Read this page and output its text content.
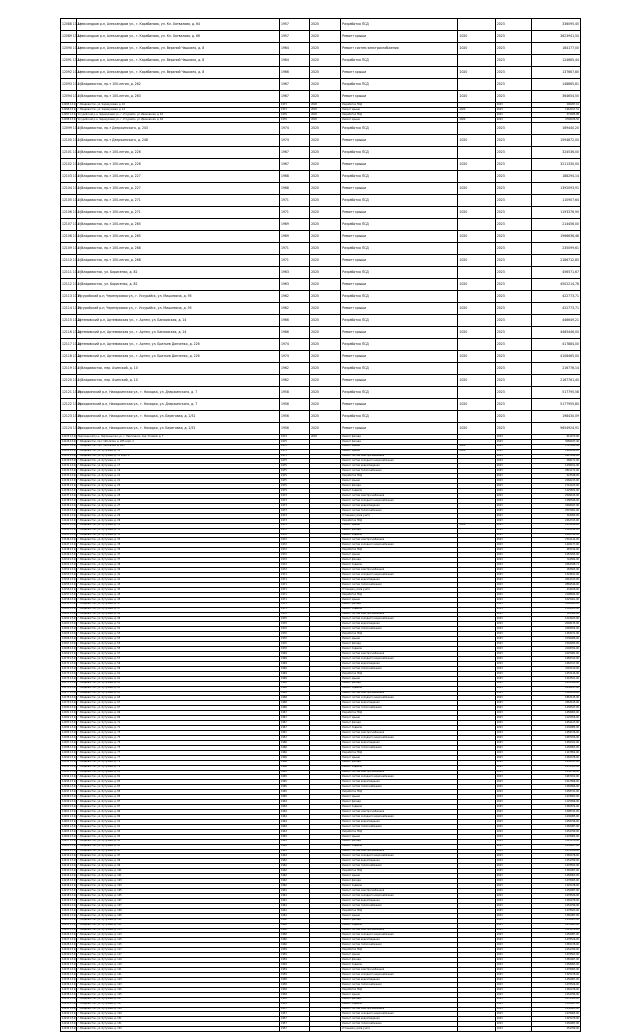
12088 13.1)	Александров р-н, Александров ул., г. Карабаново, ул. Кл. Хатвалова, д. 64	1957	2020	Разработка ПСД		2023	336095,45
12089 13.1)	Александров р-н, Александров ул., г. Карабаново, ул. Кл. Хатвалова, д. 66	1957	2020	Ремонт крыши	2020	2023	3623941,50
12090 13.1)	Александров р-н, Александров ул., г. Карабаново, ул. Верхний Чашкино, д. 8	1964	2020	Ремонт систем электроснабжения	2020	2023	184177,00
12091 13.1)	Александров р-н, Александров ул., г. Карабаново, ул. Верхний Чашкино, д. 8	1964	2020	Разработка ПСД		2023	124685,44
12092 13.1)	Александров р-н, Александров ул., г. Карабаново, ул. Верхний Чашкино, д. 8	1966	2020	Ремонт крыши	2020	2023	137667,80
12093 13.2)	г. Владивосток, пр-т 100-летия, д. 262	1967	2020	Разработка ПСД		2023	148865,81
12094 13.2)	г. Владивосток, пр-т 100-летия, д. 263	1967	2020	Ремонт крыши	2020	2023	364654,50
12095 13.2)	г. Владивосток, ул. Черемуховая, д. 10	1973	2020	Разработка ПСД		2023	296287,10
12096 13.2)	г. Владивосток, ул. Черемуховая, д. 12	1973	2020	Ремонт крыши	2020	2023	1963917,51
12097 13.2)	Уссурийский р-н, Черемуховая ул., г. Уссурийск, ул. Ивановская, д. 64	1976	2020	Разработка ПСД		2023	374485,88
12098 13.2)	Уссурийский р-н, Черемуховая ул., г. Уссурийск, ул. Ивановская, д. 64	1976	2020	Ремонт крыши	2020	2023	4748036,50
12099 13.2)	г. Владивосток, пр-т Дзержинского, д. 243	1974	2020	Разработка ПСД		2023	169440,20
12100 13.2)	г. Владивосток, пр-т Дзержинского, д. 248	1974	2020	Ремонт крыши	2020	2023	1594872,00
12101 13.2)	г. Владивосток, пр-т 100-летия, д. 226	1967	2020	Разработка ПСД		2023	324536,00
12102 13.2)	г. Владивосток, пр-т 100-летия, д. 226	1967	2020	Ремонт крыши	2020	2023	3211330,00
12103 13.2)	г. Владивосток, пр-т 100-летия, д. 227	1968	2020	Разработка ПСД		2023	188294,14
12104 13.2)	г. Владивосток, пр-т 100-летия, д. 227	1968	2020	Ремонт крыши	2020	2023	1392093,91
12105 13.2)	г. Владивосток, пр-т 100-летия, д. 271	1971	2020	Разработка ПСД		2023	110907,64
12106 13.2)	г. Владивосток, пр-т 100-летия, д. 271	1971	2020	Ремонт крыши	2020	2023	1193376,90
12107 13.2)	г. Владивосток, пр-т 100-летия, д. 265	1969	2020	Разработка ПСД		2023	214456,00
12108 13.2)	г. Владивосток, пр-т 100-летия, д. 265	1969	2020	Ремонт крыши	2020	2023	1966636,46
12109 13.2)	г. Владивосток, пр-т 100-летия, д. 268	1971	2020	Разработка ПСД		2023	235099,61
12110 13.2)	г. Владивосток, пр-т 100-летия, д. 268	1971	2020	Ремонт крыши	2020	2023	2186712,85
12111 13.2)	г. Владивосток, ул. Борисенко, д. 82	1963	2020	Разработка ПСД		2023	456571,67
12112 13.2)	г. Владивосток, ул. Борисенко, д. 82	1963	2020	Ремонт крыши	2020	2023	4502214,78
12113 13.2)	Уссурийский р-н, Черемуховая ул., г. Уссурийск, ул. Мицкевича, д. 95	1962	2020	Разработка ПСД		2023	422773,71
12114 13.2)	Уссурийский р-н, Черемуховая ул., г. Уссурийск, ул. Мицкевича, д. 95	1962	2020	Ремонт крыши	2020	2023	422773,71
12115 13.2)	Артемовский р-н, Артемовская ул., г. Артем, ул. Банковская, д. 14	1966	2020	Разработка ПСД		2023	446649,21
12116 13.2)	Артемовский р-н, Артемовская ул., г. Артем, ул. Банковская, д. 14	1966	2020	Ремонт крыши	2020	2023	4465446,00
12117 13.2)	Артемовский р-н, Артемовская ул., г. Артем, ул. Братьев Данченко, д. 226	1974	2020	Разработка ПСД		2023	417884,00
12118 13.2)	Артемовский р-н, Артемовская ул., г. Артем, ул. Братьев Данченко, д. 226	1974	2020	Ремонт крыши	2020	2023	4108465,00
12119 13.2)	г. Владивосток, пер. Ачинский, д. 10	1962	2020	Разработка ПСД		2023	216776,14
12120 13.2)	г. Владивосток, пер. Ачинский, д. 10	1962	2020	Ремонт крыши	2020	2023	2167761,40
12121 13.2)	Находкинский р-н, Находкинская ул., г. Находка, ул. Дзержинского, д. 7	1958	2020	Разработка ПСД		2023	517795,58
12122 13.2)	Находкинский р-н, Находкинская ул., г. Находка, ул. Дзержинского, д. 7	1958	2020	Ремонт крыши	2020	2023	5177955,80
12123 13.2)	Находкинский р-н, Находкинская ул., г. Находка, ул. Береговая, д. 2/31	1956	2020	Разработка ПСД		2023	198430,09
12124 13.2)	Находкинский р-н, Находкинская ул., г. Находка, ул. Береговая, д. 2/31	1956	2020	Ремонт крыши	2020	2023	9654924,91
12125 13.2)	Партизанский р-н, Партизанская ул., г. Партизанск, пер. Угловой, д. 7	1974	2020	Ремонт фасада		2023	912473,00
12126 13.2)	г. Владивосток, пр-т 100-летия, д. 265 корп. 2	1975		Ремонт фасада		2023	3086187,40
12127 13.2)	г. Владивосток, пр-т 100-летия, д. 265	1975		Ремонт крыши	2020	2023	2747941,00
12128 13.2)	г. Владивосток, ул. Кутузова, д. 15	1975		Ремонт крыши	2020	2023	1998244,20
12129 13.2)	г. Владивосток, ул. Кутузова, д. 15 корп. 2	1975		Ремонт систем электроснабжения		2023	6947442,00
12130 13.2)	г. Владивосток, ул. Кутузова, д. 17	1975		Ремонт систем холодного водоснабжения		2023	268171,00
12131 13.2)	г. Владивосток, ул. Кутузова, д. 17	1975		Ремонт систем водоотведения		2023	1238911,00
12132 13.2)	г. Владивосток, ул. Кутузова, д. 19	1975		Ремонт систем теплоснабжения		2023	2841171,00
12133 13.2)	г. Владивосток, ул. Кутузова, д. 21	1975		Разработка ПСД		2023	423548,00
12134 13.2)	г. Владивосток, ул. Кутузова, д. 21	1975		Ремонт крыши		2023	2266213,00
12135 13.2)	г. Владивосток, ул. Кутузова, д. 23	1975		Ремонт фасада		2023	1741103,00
12136 13.2)	г. Владивосток, ул. Кутузова, д. 23	1975		Ремонт подвала		2023	1229831,00
12137 13.2)	г. Владивосток, ул. Кутузова, д. 25	1973		Ремонт систем электроснабжения		2023	2599415,00
12138 13.2)	г. Владивосток, ул. Кутузова, д. 25	1973		Ремонт систем холодного водоснабжения		2023	1286596,00
12139 13.2)	г. Владивосток, ул. Кутузова, д. 27	1973		Ремонт систем водоотведения		2023	3448047,00
12140 13.2)	г. Владивосток, ул. Кутузова, д. 27	1973		Ремонт систем теплоснабжения		2023	2597961,00
12141 13.2)	г. Владивосток, ул. Кутузова, д. 29	1973		Установка узлов учета		2023	318993,00
12142 13.2)	г. Владивосток, ул. Кутузова, д. 29	1973		Разработка ПСД		2023	2462315,00
12143 13.2)	г. Владивосток, ул. Кутузова, д. 31	1973		Ремонт крыши	2020	2023	1476189,00
12144 13.2)	г. Владивосток, ул. Кутузова, д. 31	1973		Ремонт фасада		2023	2318412,00
12145 13.2)	г. Владивосток, ул. Кутузова, д. 33	1972		Ремонт подвала		2023	2000764,00
12146 13.2)	г. Владивосток, ул. Кутузова, д. 33	1972		Ремонт систем электроснабжения		2023	2301142,00
12147 13.2)	г. Владивосток, ул. Кутузова, д. 35	1972		Ремонт систем холодного водоснабжения		2023	1426177,00
12148 13.2)	г. Владивосток, ул. Кутузова, д. 35	1972		Разработка ПСД		2023	483742,00
12149 13.2)	г. Владивосток, ул. Кутузова, д. 37	1972		Ремонт крыши		2023	1287265,00
12150 13.2)	г. Владивосток, ул. Кутузова, д. 37	1972		Ремонт фасада		2023	744584,00
12151 13.2)	г. Владивосток, ул. Кутузова, д. 39	1972		Ремонт подвала		2023	2264398,71
12152 13.2)	г. Владивосток, ул. Кутузова, д. 39	1972		Ремонт систем электроснабжения		2023	183565,00
12153 13.2)	г. Владивосток, ул. Кутузова, д. 41	1971		Ремонт систем холодного водоснабжения		2023	1324811,00
12154 13.2)	г. Владивосток, ул. Кутузова, д. 41	1971		Ремонт систем водоотведения		2023	2016313,00
12155 13.2)	г. Владивосток, ул. Кутузова, д. 43	1971		Ремонт систем теплоснабжения		2023	2869546,00
12156 13.2)	г. Владивосток, ул. Кутузова, д. 43	1971		Установка узлов учета		2023	434166,00
12157 13.2)	г. Владивосток, ул. Кутузова, д. 45	1971		Разработка ПСД		2023	2198844,00
12158 13.2)	г. Владивосток, ул. Кутузова, д. 45	1971		Ремонт крыши		2023	1025461,00
12159 13.2)	г. Владивосток, ул. Кутузова, д. 47	1971		Ремонт фасада		2023	1048462,00
12160 13.2)	г. Владивосток, ул. Кутузова, д. 47	1971		Ремонт подвала		2023	1594853,00
12161 13.2)	г. Владивосток, ул. Кутузова, д. 49	1970		Ремонт систем электроснабжения		2023	183562,00
12162 13.2)	г. Владивосток, ул. Кутузова, д. 49	1970		Ремонт систем холодного водоснабжения		2023	1224163,00
12163 13.2)	г. Владивосток, ул. Кутузова, д. 51	1970		Ремонт систем водоотведения		2023	2048135,00
12164 13.2)	г. Владивосток, ул. Кутузова, д. 51	1970		Ремонт систем теплоснабжения		2023	2269554,00
12165 13.2)	г. Владивосток, ул. Кутузова, д. 53	1970		Разработка ПСД		2023	1263471,00
12166 13.2)	г. Владивосток, ул. Кутузова, д. 53	1970		Ремонт крыши		2023	1036486,00
12167 13.2)	г. Владивосток, ул. Кутузова, д. 55	1970		Ремонт фасада		2023	1594283,00
12168 13.2)	г. Владивосток, ул. Кутузова, д. 55	1970		Ремонт подвала		2023	2148764,00
12169 13.2)	г. Владивосток, ул. Кутузова, д. 57	1969		Ремонт систем электроснабжения		2023	1025981,00
12170 13.2)	г. Владивосток, ул. Кутузова, д. 57	1969		Ремонт систем холодного водоснабжения		2023	1984312,00
12171 13.2)	г. Владивосток, ул. Кутузова, д. 59	1969		Ремонт систем водоотведения		2023	1462317,00
12172 13.2)	г. Владивосток, ул. Кутузова, д. 59	1969		Ремонт систем теплоснабжения		2023	3145210,00
12173 13.2)	г. Владивосток, ул. Кутузова, д. 61	1969		Разработка ПСД		2023	1452146,00
12174 13.2)	г. Владивосток, ул. Кутузова, д. 61	1969		Ремонт крыши		2023	1243521,00
12175 13.2)	г. Владивосток, ул. Кутузова, д. 63	1968		Ремонт фасада		2023	1452366,00
12176 13.2)	г. Владивосток, ул. Кутузова, д. 63	1968		Ремонт подвала		2023	1658247,00
12177 13.2)	г. Владивосток, ул. Кутузова, д. 65	1968		Ремонт систем электроснабжения		2023	1326458,00
12178 13.2)	г. Владивосток, ул. Кутузова, д. 65	1968		Ремонт систем холодного водоснабжения		2023	1863145,00
12179 13.2)	г. Владивосток, ул. Кутузова, д. 67	1968		Ремонт систем водоотведения		2023	2463145,00
12180 13.2)	г. Владивосток, ул. Кутузова, д. 67	1968		Ремонт систем теплоснабжения		2023	1236547,00
12181 13.2)	г. Владивосток, ул. Кутузова, д. 69	1967		Разработка ПСД		2023	1458963,00
12182 13.2)	г. Владивосток, ул. Кутузова, д. 69	1967		Ремонт крыши		2023	1125456,00
12183 13.2)	г. Владивосток, ул. Кутузова, д. 71	1967		Ремонт фасада		2023	1654123,00
12184 13.2)	г. Владивосток, ул. Кутузова, д. 71	1967		Ремонт подвала		2023	1236985,00
12185 13.2)	г. Владивосток, ул. Кутузова, д. 73	1967		Ремонт систем электроснабжения		2023	1458726,00
12186 13.2)	г. Владивосток, ул. Кутузова, д. 73	1967		Ремонт систем холодного водоснабжения		2023	1987456,00
12187 13.2)	г. Владивосток, ул. Кутузова, д. 75	1966		Ремонт систем водоотведения		2023	1456321,00
12188 13.2)	г. Владивосток, ул. Кутузова, д. 75	1966		Ремонт систем теплоснабжения		2023	1258963,00
12189 13.2)	г. Владивосток, ул. Кутузова, д. 77	1966		Разработка ПСД		2023	1147852,00
12190 13.2)	г. Владивосток, ул. Кутузова, д. 77	1966		Ремонт крыши		2023	1365478,00
12191 13.2)	г. Владивосток, ул. Кутузова, д. 79	1966		Ремонт фасада		2023	1236547,00
12192 13.2)	г. Владивосток, ул. Кутузова, д. 79	1966		Ремонт подвала		2023	1478523,00
12193 13.2)	г. Владивосток, ул. Кутузова, д. 81	1965		Ремонт систем электроснабжения		2023	1258746,00
12194 13.2)	г. Владивосток, ул. Кутузова, д. 81	1965		Ремонт систем холодного водоснабжения		2023	1987452,00
12195 13.2)	г. Владивосток, ул. Кутузова, д. 83	1965		Ремонт систем водоотведения		2023	1547896,00
12196 13.2)	г. Владивосток, ул. Кутузова, д. 83	1965		Ремонт систем теплоснабжения		2023	1365896,00
12197 13.2)	г. Владивосток, ул. Кутузова, д. 85	1965		Разработка ПСД		2023	1258741,00
12198 13.2)	г. Владивосток, ул. Кутузова, д. 85	1965		Ремонт крыши		2023	1478963,00
12199 13.2)	г. Владивосток, ул. Кутузова, д. 87	1964		Ремонт фасада		2023	1125896,00
12200 13.2)	г. Владивосток, ул. Кутузова, д. 87	1964		Ремонт подвала		2023	1365874,00
12201 13.2)	г. Владивосток, ул. Кутузова, д. 89	1964		Ремонт систем электроснабжения		2023	1598741,00
12202 13.2)	г. Владивосток, ул. Кутузова, д. 89	1964		Ремонт систем холодного водоснабжения		2023	1236985,00
12203 13.2)	г. Владивосток, ул. Кутузова, д. 91	1964		Ремонт систем водоотведения		2023	1458796,00
12204 13.2)	г. Владивосток, ул. Кутузова, д. 91	1964		Ремонт систем теплоснабжения		2023	1365987,00
12205 13.2)	г. Владивосток, ул. Кутузова, д. 93	1963		Разработка ПСД		2023	1254789,00
12206 13.2)	г. Владивосток, ул. Кутузова, д. 93	1963		Ремонт крыши		2023	1478965,00
12207 13.2)	г. Владивосток, ул. Кутузова, д. 95	1963		Ремонт фасада		2023	1325478,00
12208 13.2)	г. Владивосток, ул. Кутузова, д. 95	1963		Ремонт подвала		2023	1256987,00
12209 13.2)	г. Владивосток, ул. Кутузова, д. 97	1963		Ремонт систем электроснабжения		2023	1478526,00
12210 13.2)	г. Владивосток, ул. Кутузова, д. 97	1963		Ремонт систем холодного водоснабжения		2023	1365478,00
12211 13.2)	г. Владивосток, ул. Кутузова, д. 99	1962		Ремонт систем водоотведения		2023	1254789,00
12212 13.2)	г. Владивосток, ул. Кутузова, д. 99	1962		Ремонт систем теплоснабжения		2023	1478563,00
12213 13.2)	г. Владивосток, ул. Кутузова, д. 101	1962		Разработка ПСД		2023	1365987,00
12214 13.2)	г. Владивосток, ул. Кутузова, д. 101	1962		Ремонт крыши		2023	1258963,00
12215 13.2)	г. Владивосток, ул. Кутузова, д. 103	1962		Ремонт фасада		2023	1478965,00
12216 13.2)	г. Владивосток, ул. Кутузова, д. 103	1962		Ремонт подвала		2023	1325478,00
12217 13.2)	г. Владивосток, ул. Кутузова, д. 105	1961		Ремонт систем электроснабжения		2023	1256987,00
12218 13.2)	г. Владивосток, ул. Кутузова, д. 105	1961		Ремонт систем холодного водоснабжения		2023	1478526,00
12219 13.2)	г. Владивосток, ул. Кутузова, д. 107	1961		Ремонт систем водоотведения		2023	1365478,00
12220 13.2)	г. Владивосток, ул. Кутузова, д. 107	1961		Ремонт систем теплоснабжения		2023	1254789,00
12221 13.2)	г. Владивосток, ул. Кутузова, д. 109	1961		Разработка ПСД		2023	1478563,00
12222 13.2)	г. Владивосток, ул. Кутузова, д. 109	1961		Ремонт крыши		2023	1365987,00
12223 13.2)	г. Владивосток, ул. Кутузова, д. 111	1960		Ремонт фасада		2023	1258963,00
12224 13.2)	г. Владивосток, ул. Кутузова, д. 111	1960		Ремонт подвала		2023	1478965,00
12225 13.2)	г. Владивосток, ул. Кутузова, д. 113	1960		Ремонт систем электроснабжения		2023	1325478,00
12226 13.2)	г. Владивосток, ул. Кутузова, д. 113	1960		Ремонт систем холодного водоснабжения		2023	1256987,00
12227 13.2)	г. Владивосток, ул. Кутузова, д. 115	1960		Ремонт систем водоотведения		2023	1478526,00
12228 13.2)	г. Владивосток, ул. Кутузова, д. 115	1960		Ремонт систем теплоснабжения		2023	1365478,00
12229 13.2)	г. Владивосток, ул. Кутузова, д. 117	1959		Разработка ПСД		2023	1254789,00
12230 13.2)	г. Владивосток, ул. Кутузова, д. 117	1959		Ремонт крыши		2023	1478563,00
12231 13.2)	г. Владивосток, ул. Кутузова, д. 119	1959		Ремонт фасада		2023	1365987,00
12232 13.2)	г. Владивосток, ул. Кутузова, д. 119	1959		Ремонт подвала		2023	1258963,00
12233 13.2)	г. Владивосток, ул. Кутузова, д. 121	1959		Ремонт систем электроснабжения		2023	1478965,00
12234 13.2)	г. Владивосток, ул. Кутузова, д. 121	1959		Ремонт систем холодного водоснабжения		2023	1325478,00
12235 13.2)	г. Владивосток, ул. Кутузова, д. 123	1958		Ремонт систем водоотведения		2023	1256987,00
12236 13.2)	г. Владивосток, ул. Кутузова, д. 123	1958		Ремонт систем теплоснабжения		2023	1478526,00
12237 13.2)	г. Владивосток, ул. Кутузова, д. 125	1958		Разработка ПСД		2023	1365478,00
12238 13.2)	г. Владивосток, ул. Кутузова, д. 125	1958		Ремонт крыши		2023	1254789,00
12239 13.2)	г. Владивосток, ул. Кутузова, д. 127	1958		Ремонт фасада		2023	1478563,00
12240 13.2)	г. Владивосток, ул. Кутузова, д. 127	1958		Ремонт подвала		2023	1365987,00
12241 13.2)	г. Владивосток, ул. Кутузова, д. 129	1957		Ремонт систем электроснабжения		2023	1258963,00
12242 13.2)	г. Владивосток, ул. Кутузова, д. 129	1957		Ремонт систем холодного водоснабжения		2023	1478965,00
12243 13.2)	г. Владивосток, ул. Кутузова, д. 131	1957		Ремонт систем водоотведения		2023	1325478,00
12244 13.2)	г. Владивосток, ул. Кутузова, д. 131	1957		Ремонт систем теплоснабжения		2023	1256987,00
12245 13.2)	г. Владивосток, ул. Кутузова, д. 133	1957		Установка узлов учета		2023	254789,00
